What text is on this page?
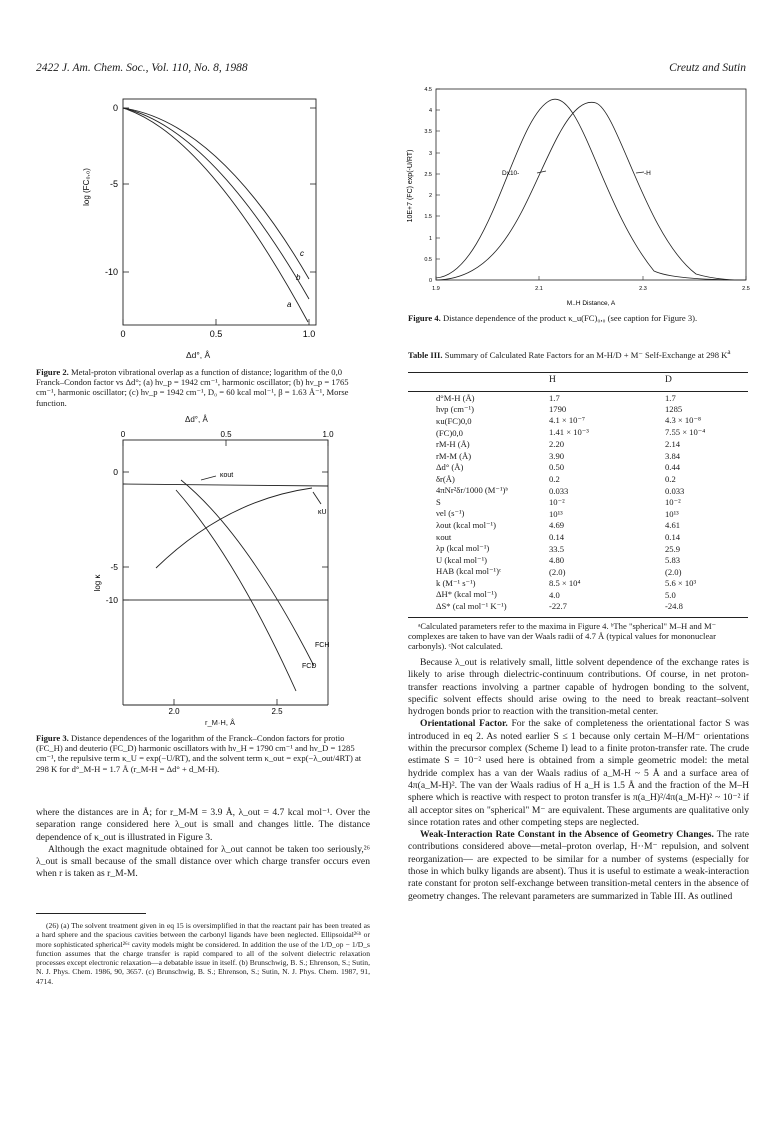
2422 J. Am. Chem. Soc., Vol. 110, No. 8, 1988	Creutz and Sutin
0
-5
-10
0	0.5	1.0
log (FC₀,₀)
c
b
a
Δd°, Å
Figure 2. Metal-proton vibrational overlap as a function of distance; logarithm of the 0,0 Franck–Condon factor vs Δd°; (a) hν_p = 1942 cm⁻¹, harmonic oscillator; (b) hν_p = 1765 cm⁻¹, harmonic oscillator; (c) hν_p = 1942 cm⁻¹, D₀ = 60 kcal mol⁻¹, β = 1.63 Å⁻¹, Morse function.
Δd°, Å
0	0.5	1.0
0
log κ
-5
-10
2.0	2.5
κout
κU
FCH
FCD
r_M·H, Å
Figure 3. Distance dependences of the logarithm of the Franck–Condon factors for protio (FC_H) and deuterio (FC_D) harmonic oscillators with hν_H = 1790 cm⁻¹ and hν_D = 1285 cm⁻¹, the repulsive term κ_U = exp(−U/RT), and the solvent term κ_out = exp(−λ_out/4RT) at 298 K for d°_M-H = 1.7 Å (r_M-H = Δd° + d_M-H).

where the distances are in Å; for r_M-M = 3.9 Å, λ_out = 4.7 kcal mol⁻¹. Over the separation range considered here λ_out is small and changes little. The distance dependence of κ_out is illustrated in Figure 3.

Although the exact magnitude obtained for λ_out cannot be taken too seriously,²⁶ λ_out is small because of the small distance over which charge transfer occurs even when r is taken as r_M-M.

(26) (a) The solvent treatment given in eq 15 is oversimplified in that the reactant pair has been treated as a hard sphere and the spacious cavities between the carbonyl ligands have been neglected. Ellipsoidal²⁶ᵇ or more sophisticated spherical²⁶ᶜ cavity models might be considered. In addition the use of the 1/D_op − 1/D_s function assumes that the charge transfer is rapid compared to all of the solvent dielectric relaxation processes except electronic relaxation—a debatable issue in itself. (b) Brunschwig, B. S.; Ehrenson, S.; Sutin, N. J. Phys. Chem. 1986, 90, 3657. (c) Brunschwig, B. S.; Ehrenson, S.; Sutin, N. J. Phys. Chem. 1987, 91, 4714.
0
0.5
1
1.5
2
2.5
3
3.5
4
4.5
1.9	2.1	2.3	2.5
M..H Distance, A
10E+7 (FC) exp(-U/RT)	Dx10-	-H
Figure 4. Distance dependence of the product κ_u(FC)₀,₀ (see caption for Figure 3).
Table III. Summary of Calculated Rate Factors for an M-H/D + M⁻ Self-Exchange at 298 $K^a$
H	D
d°M-H (Å)	1.7	1.7
hνp (cm⁻¹)	1790	1285
κu(FC)0,0	4.1 × 10⁻⁷	4.3 × 10⁻⁸
(FC)0,0	1.41 × 10⁻³	7.55 × 10⁻⁴
rM-H (Å)	2.20	2.14
rM-M (Å)	3.90	3.84
Δd° (Å)	0.50	0.44
δr(Å)	0.2	0.2
4πNr²δr/1000 (M⁻¹)ᵇ	0.033	0.033
S	10⁻²	10⁻²
νel (s⁻¹)	10¹³	10¹³
λout (kcal mol⁻¹)	4.69	4.61
κout	0.14	0.14
λp (kcal mol⁻¹)	33.5	25.9
U (kcal mol⁻¹)	4.80	5.83
HAB (kcal mol⁻¹)ᶜ	(2.0)	(2.0)
k (M⁻¹ s⁻¹)	8.5 × 10⁴	5.6 × 10³
ΔH* (kcal mol⁻¹)	4.0	5.0
ΔS* (cal mol⁻¹ K⁻¹)	-22.7	-24.8
ᵃCalculated parameters refer to the maxima in Figure 4. ᵇThe "spherical" M–H and M⁻ complexes are taken to have van der Waals radii of 4.7 Å (typical values for mononuclear carbonyls). ᶜNot calculated.

Because λ_out is relatively small, little solvent dependence of the exchange rates is likely to arise through dielectric-continuum contributions. Of course, in net proton-transfer reactions involving a partner capable of hydrogen bonding to the solvent, specific solvent effects should arise owing to the need to break reactant–solvent hydrogen bonds prior to reaction with the transition-metal center.

Orientational Factor. For the sake of completeness the orientational factor S was introduced in eq 2. As noted earlier S ≤ 1 because only certain M–H/M⁻ orientations within the precursor complex (Scheme I) lead to a finite proton-transfer rate. The crude estimate S = 10⁻² used here is obtained from a simple geometric model: the metal hydride complex has a van der Waals radius of a_M-H ~ 5 Å and a surface area of 4π(a_M-H)². The van der Waals radius of H a_H is 1.5 Å and the fraction of the M–H sphere which is reactive with respect to proton transfer is π(a_H)²/4π(a_M-H)² ~ 10⁻² if all acceptor sites on "spherical" M⁻ are equivalent. These arguments are qualitative only since rotation rates and other competing steps are neglected.

Weak-Interaction Rate Constant in the Absence of Geometry Changes. The rate contributions considered above—metal–proton overlap, H··M⁻ repulsion, and solvent reorganization— are expected to be similar for a number of systems (especially for those in which bulky ligands are absent). Thus it is useful to estimate a weak-interaction rate constant for proton self-exchange between transition-metal centers in the absence of geometry changes. The relevant parameters are summarized in Table III. As outlined
